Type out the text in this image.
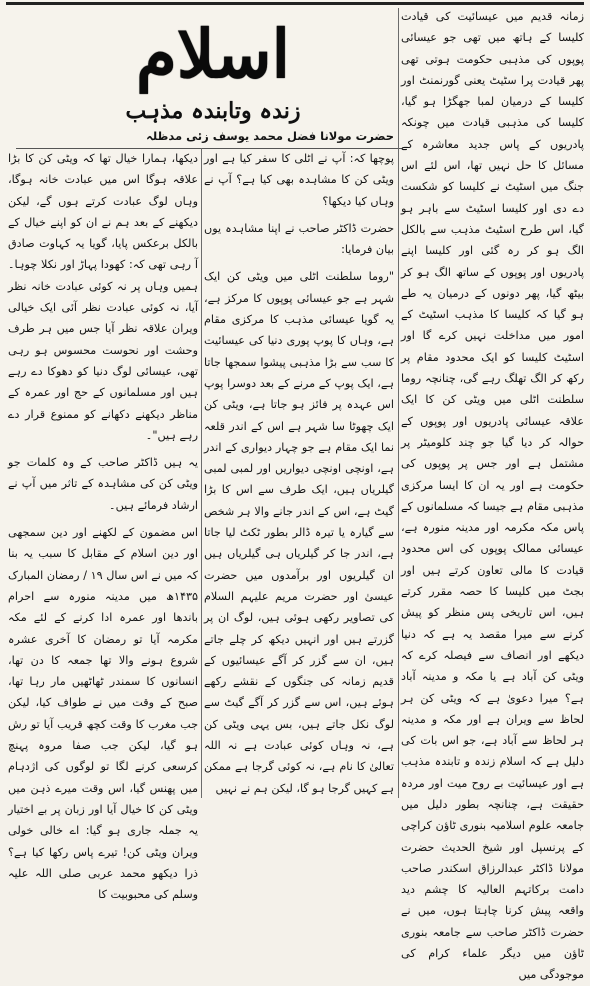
اسلام
زندہ وتابندہ مذہب
حضرت مولانا فضل محمد یوسف زئی مدظلہ

زمانہ قدیم میں عیسائیت کی قیادت کلیسا کے ہاتھ میں تھی جو عیسائی پوپوں کی مذہبی حکومت ہوتی تھی پھر قیادت پرا سٹیٹ یعنی گورنمنٹ اور کلیسا کے درمیان لمبا جھگڑا ہو گیا، کلیسا کی مذہبی قیادت میں چونکہ پادریوں کے پاس جدید معاشرہ کے مسائل کا حل نہیں تھا، اس لئے اس جنگ میں اسٹیٹ نے کلیسا کو شکست دے دی اور کلیسا اسٹیٹ سے باہر ہو گیا، اس طرح اسٹیٹ مذہب سے بالکل الگ ہو کر رہ گئی اور کلیسا اپنے پادریوں اور پوپوں کے ساتھ الگ ہو کر بیٹھ گیا، پھر دونوں کے درمیان یہ طے ہو گیا کہ کلیسا کا مذہب اسٹیٹ کے امور میں مداخلت نہیں کرے گا اور اسٹیٹ کلیسا کو ایک محدود مقام پر رکھ کر الگ تھلگ رہے گی، چنانچہ روما سلطنت اٹلی میں ویٹی کن کا ایک علاقہ عیسائی پادریوں اور پوپوں کے حوالہ کر دیا گیا جو چند کلومیٹر پر مشتمل ہے اور جس پر پوپوں کی حکومت ہے اور یہ ان کا ایسا مرکزی مذہبی مقام ہے جیسا کہ مسلمانوں کے پاس مکہ مکرمہ اور مدینہ منورہ ہے، عیسائی ممالک پوپوں کی اس محدود قیادت کا مالی تعاون کرتے ہیں اور بجٹ میں کلیسا کا حصہ مقرر کرتے ہیں، اس تاریخی پس منظر کو پیش کرنے سے میرا مقصد یہ ہے کہ دنیا دیکھے اور انصاف سے فیصلہ کرے کہ ویٹی کن آباد ہے یا مکہ و مدینہ آباد ہے؟ میرا دعویٰ ہے کہ ویٹی کن ہر لحاظ سے ویران ہے اور مکہ و مدینہ ہر لحاظ سے آباد ہے، جو اس بات کی دلیل ہے کہ اسلام زندہ و تابندہ مذہب ہے اور عیسائیت بے روح میت اور مردہ حقیقت ہے، چنانچہ بطور دلیل میں جامعہ علوم اسلامیہ بنوری ٹاؤن کراچی کے پرنسپل اور شیخ الحدیث حضرت مولانا ڈاکٹر عبدالرزاق اسکندر صاحب دامت برکاتہم العالیہ کا چشم دید واقعہ پیش کرنا چاہتا ہوں، میں نے حضرت ڈاکٹر صاحب سے جامعہ بنوری ٹاؤن میں دیگر علماء کرام کی موجودگی میں

پوچھا کہ: آپ نے اٹلی کا سفر کیا ہے اور ویٹی کن کا مشاہدہ بھی کیا ہے؟ آپ نے وہاں کیا دیکھا؟

حضرت ڈاکٹر صاحب نے اپنا مشاہدہ یوں بیان فرمایا:

"روما سلطنت اٹلی میں ویٹی کن ایک شہر ہے جو عیسائی پوپوں کا مرکز ہے، یہ گویا عیسائی مذہب کا مرکزی مقام ہے، وہاں کا پوپ پوری دنیا کی عیسائیت کا سب سے بڑا مذہبی پیشوا سمجھا جاتا ہے، ایک پوپ کے مرنے کے بعد دوسرا پوپ اس عہدہ پر فائز ہو جاتا ہے، ویٹی کن ایک چھوٹا سا شہر ہے اس کے اندر قلعہ نما ایک مقام ہے جو چہار دیواری کے اندر ہے، اونچی اونچی دیواریں اور لمبی لمبی گیلریاں ہیں، ایک طرف سے اس کا بڑا گیٹ ہے، اس کے اندر جانے والا ہر شخص سے گیارہ یا تیرہ ڈالر بطور ٹکٹ لیا جاتا ہے، اندر جا کر گیلریاں ہی گیلریاں ہیں ان گیلریوں اور برآمدوں میں حضرت عیسیٰ اور حضرت مریم علیہم السلام کی تصاویر رکھی ہوئی ہیں، لوگ ان پر گزرتے ہیں اور انہیں دیکھ کر چلے جاتے ہیں، ان سے گزر کر آگے عیسائیوں کے قدیم زمانہ کی جنگوں کے نقشے رکھے ہوئے ہیں، اس سے گزر کر آگے گیٹ سے لوگ نکل جاتے ہیں، بس یہی ویٹی کن ہے، نہ وہاں کوئی عبادت ہے نہ اللہ تعالیٰ کا نام ہے، نہ کوئی گرجا ہے ممکن ہے کہیں گرجا ہو گا، لیکن ہم نے نہیں

دیکھا، ہمارا خیال تھا کہ ویٹی کن کا بڑا علاقہ ہوگا اس میں عبادت خانہ ہوگا، وہاں لوگ عبادت کرتے ہوں گے، لیکن دیکھنے کے بعد ہم نے ان کو اپنے خیال کے بالکل برعکس پایا، گویا یہ کہاوت صادق آ رہی تھی کہ: کھودا پہاڑ اور نکلا چوہا۔ ہمیں وہاں پر نہ کوئی عبادت خانہ نظر آیا، نہ کوئی عبادت نظر آئی ایک خیالی ویران علاقہ نظر آیا جس میں ہر طرف وحشت اور نحوست محسوس ہو رہی تھی، عیسائی لوگ دنیا کو دھوکا دے رہے ہیں اور مسلمانوں کے حج اور عمرہ کے مناظر دیکھنے دکھانے کو ممنوع قرار دے رہے ہیں"۔

یہ ہیں ڈاکٹر صاحب کے وہ کلمات جو ویٹی کن کی مشاہدہ کے تاثر میں آپ نے ارشاد فرمائے ہیں۔

اس مضمون کے لکھنے اور دین سمجھی اور دین اسلام کے مقابل کا سبب یہ بنا کہ میں نے اس سال ۱۹ / رمضان المبارک ۱۴۳۵ھ میں مدینہ منورہ سے احرام باندھا اور عمرہ ادا کرنے کے لئے مکہ مکرمہ آیا تو رمضان کا آخری عشرہ شروع ہونے والا تھا جمعہ کا دن تھا، انسانوں کا سمندر ٹھاٹھیں مار رہا تھا، صبح کے وقت میں نے طواف کیا، لیکن جب مغرب کا وقت کچھ قریب آیا تو رش ہو گیا، لیکن جب صفا مروہ پہنچ کرسعی کرنے لگا تو لوگوں کی اژدہام میں پھنس گیا، اس وقت میرے ذہن میں ویٹی کن کا خیال آیا اور زبان پر بے اختیار یہ جملہ جاری ہو گیا: اے خالی خولی ویران ویٹی کن! تیرے پاس رکھا کیا ہے؟ ذرا دیکھو محمد عربی صلی اللہ علیہ وسلم کی محبوبیت کا
